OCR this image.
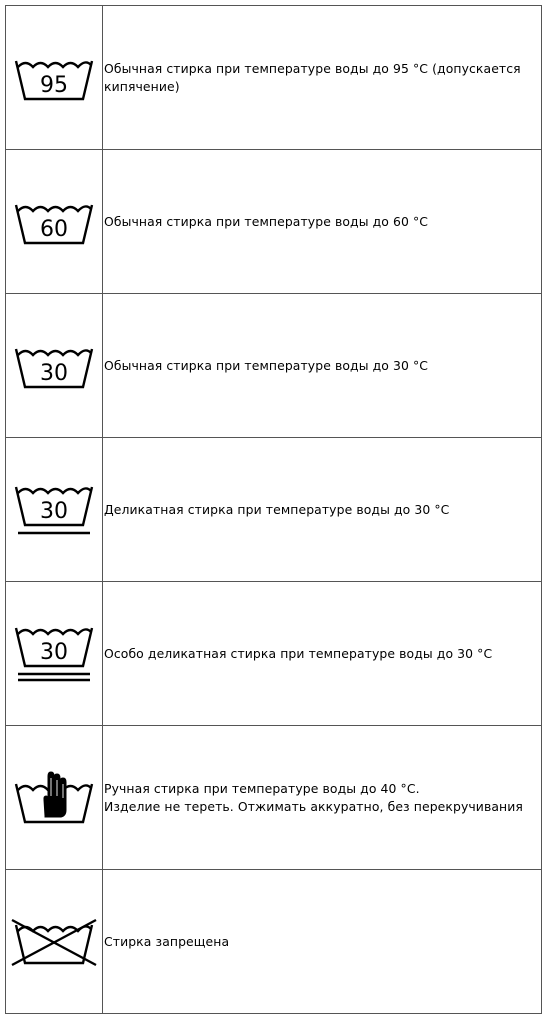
95	Обычная стирка при температуре воды до 95 °С (допускается
кипячение)

60	Обычная стирка при температуре воды до 60 °С

30	Обычная стирка при температуре воды до 30 °С

30	Деликатная стирка при температуре воды до 30 °С

30	Особо деликатная стирка при температуре воды до 30 °С

Ручная стирка при температуре воды до 40 °С.
Изделие не тереть. Отжимать аккуратно, без перекручивания

Стирка запрещена
